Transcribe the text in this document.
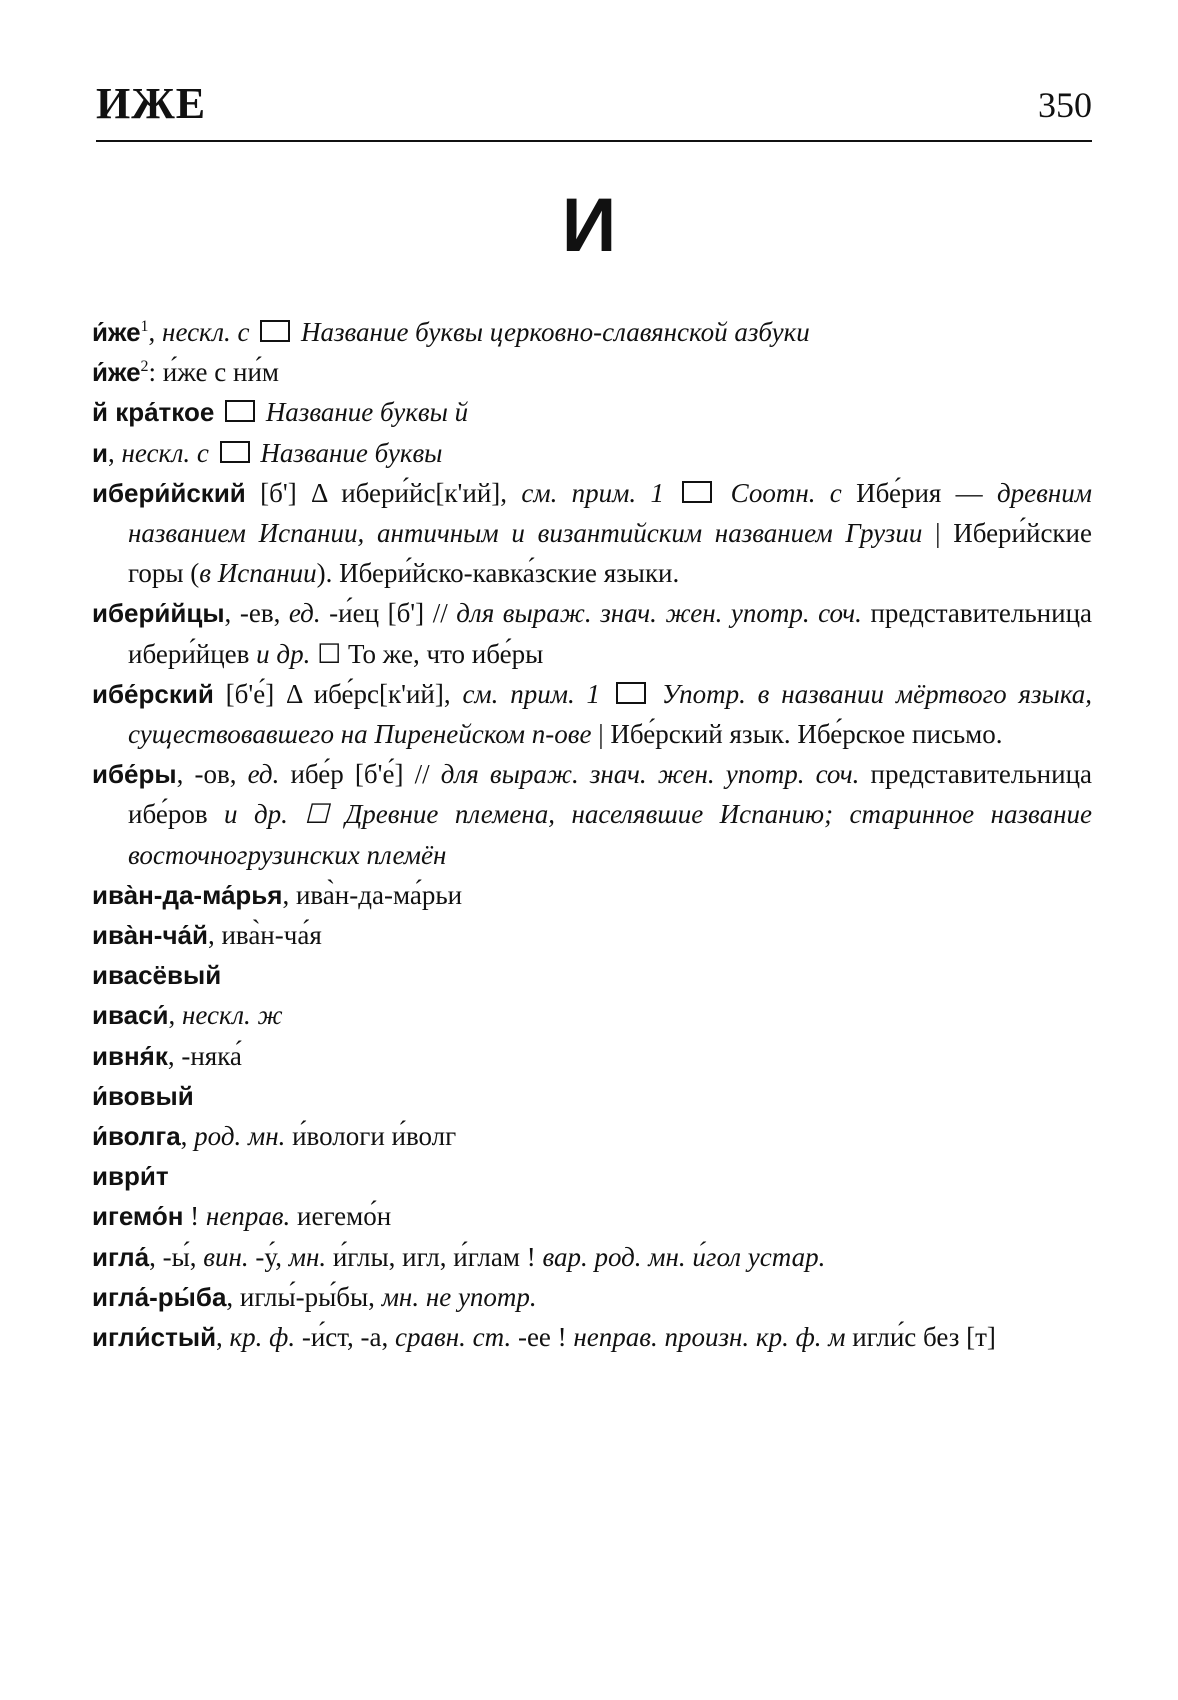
ИЖЕ	350
И
$и́же^1$, нескл. с Название буквы церковно-славянской азбуки
$и́же^2$: и́же с ни́м
й кра́ткое Название буквы й
и, нескл. с Название буквы
ибери́йский [б'] Δ ибери́йс[к'ий], см. прим. 1 Соотн. с Ибе́рия — древним названием Испании, античным и византийским названием Грузии | Ибери́йские горы (в Испании). Ибери́йско-кавка́зские языки.
ибери́йцы, -ев, ед. -и́ец [б'] // для выраж. знач. жен. употр. соч. представительница ибери́йцев и др. ☐ То же, что ибе́ры
ибе́рский [б'е́] Δ ибе́рс[к'ий], см. прим. 1 Употр. в названии мёртвого языка, существовавшего на Пиренейском п-ове | Ибе́рский язык. Ибе́рское письмо.
ибе́ры, -ов, ед. ибе́р [б'е́] // для выраж. знач. жен. употр. соч. представительница ибе́ров и др. ☐ Древние племена, населявшие Испанию; старинное название восточногрузинских племён
ива̀н-да-ма́рья, ива̀н-да-ма́рьи
ива̀н-ча́й, ива̀н-ча́я
ивасёвый
иваси́, нескл. ж
ивня́к, -няка́
и́вовый
и́волга, род. мн. и́вологи и́волг
иври́т
игемо́н ! неправ. иегемо́н
игла́, -ы́, вин. -у́, мн. и́глы, игл, и́глам ! вар. род. мн. и́гол устар.
игла́-ры́ба, иглы́-ры́бы, мн. не употр.
игли́стый, кр. ф. -и́ст, -а, сравн. ст. -ее ! неправ. произн. кр. ф. м игли́с без [т]
